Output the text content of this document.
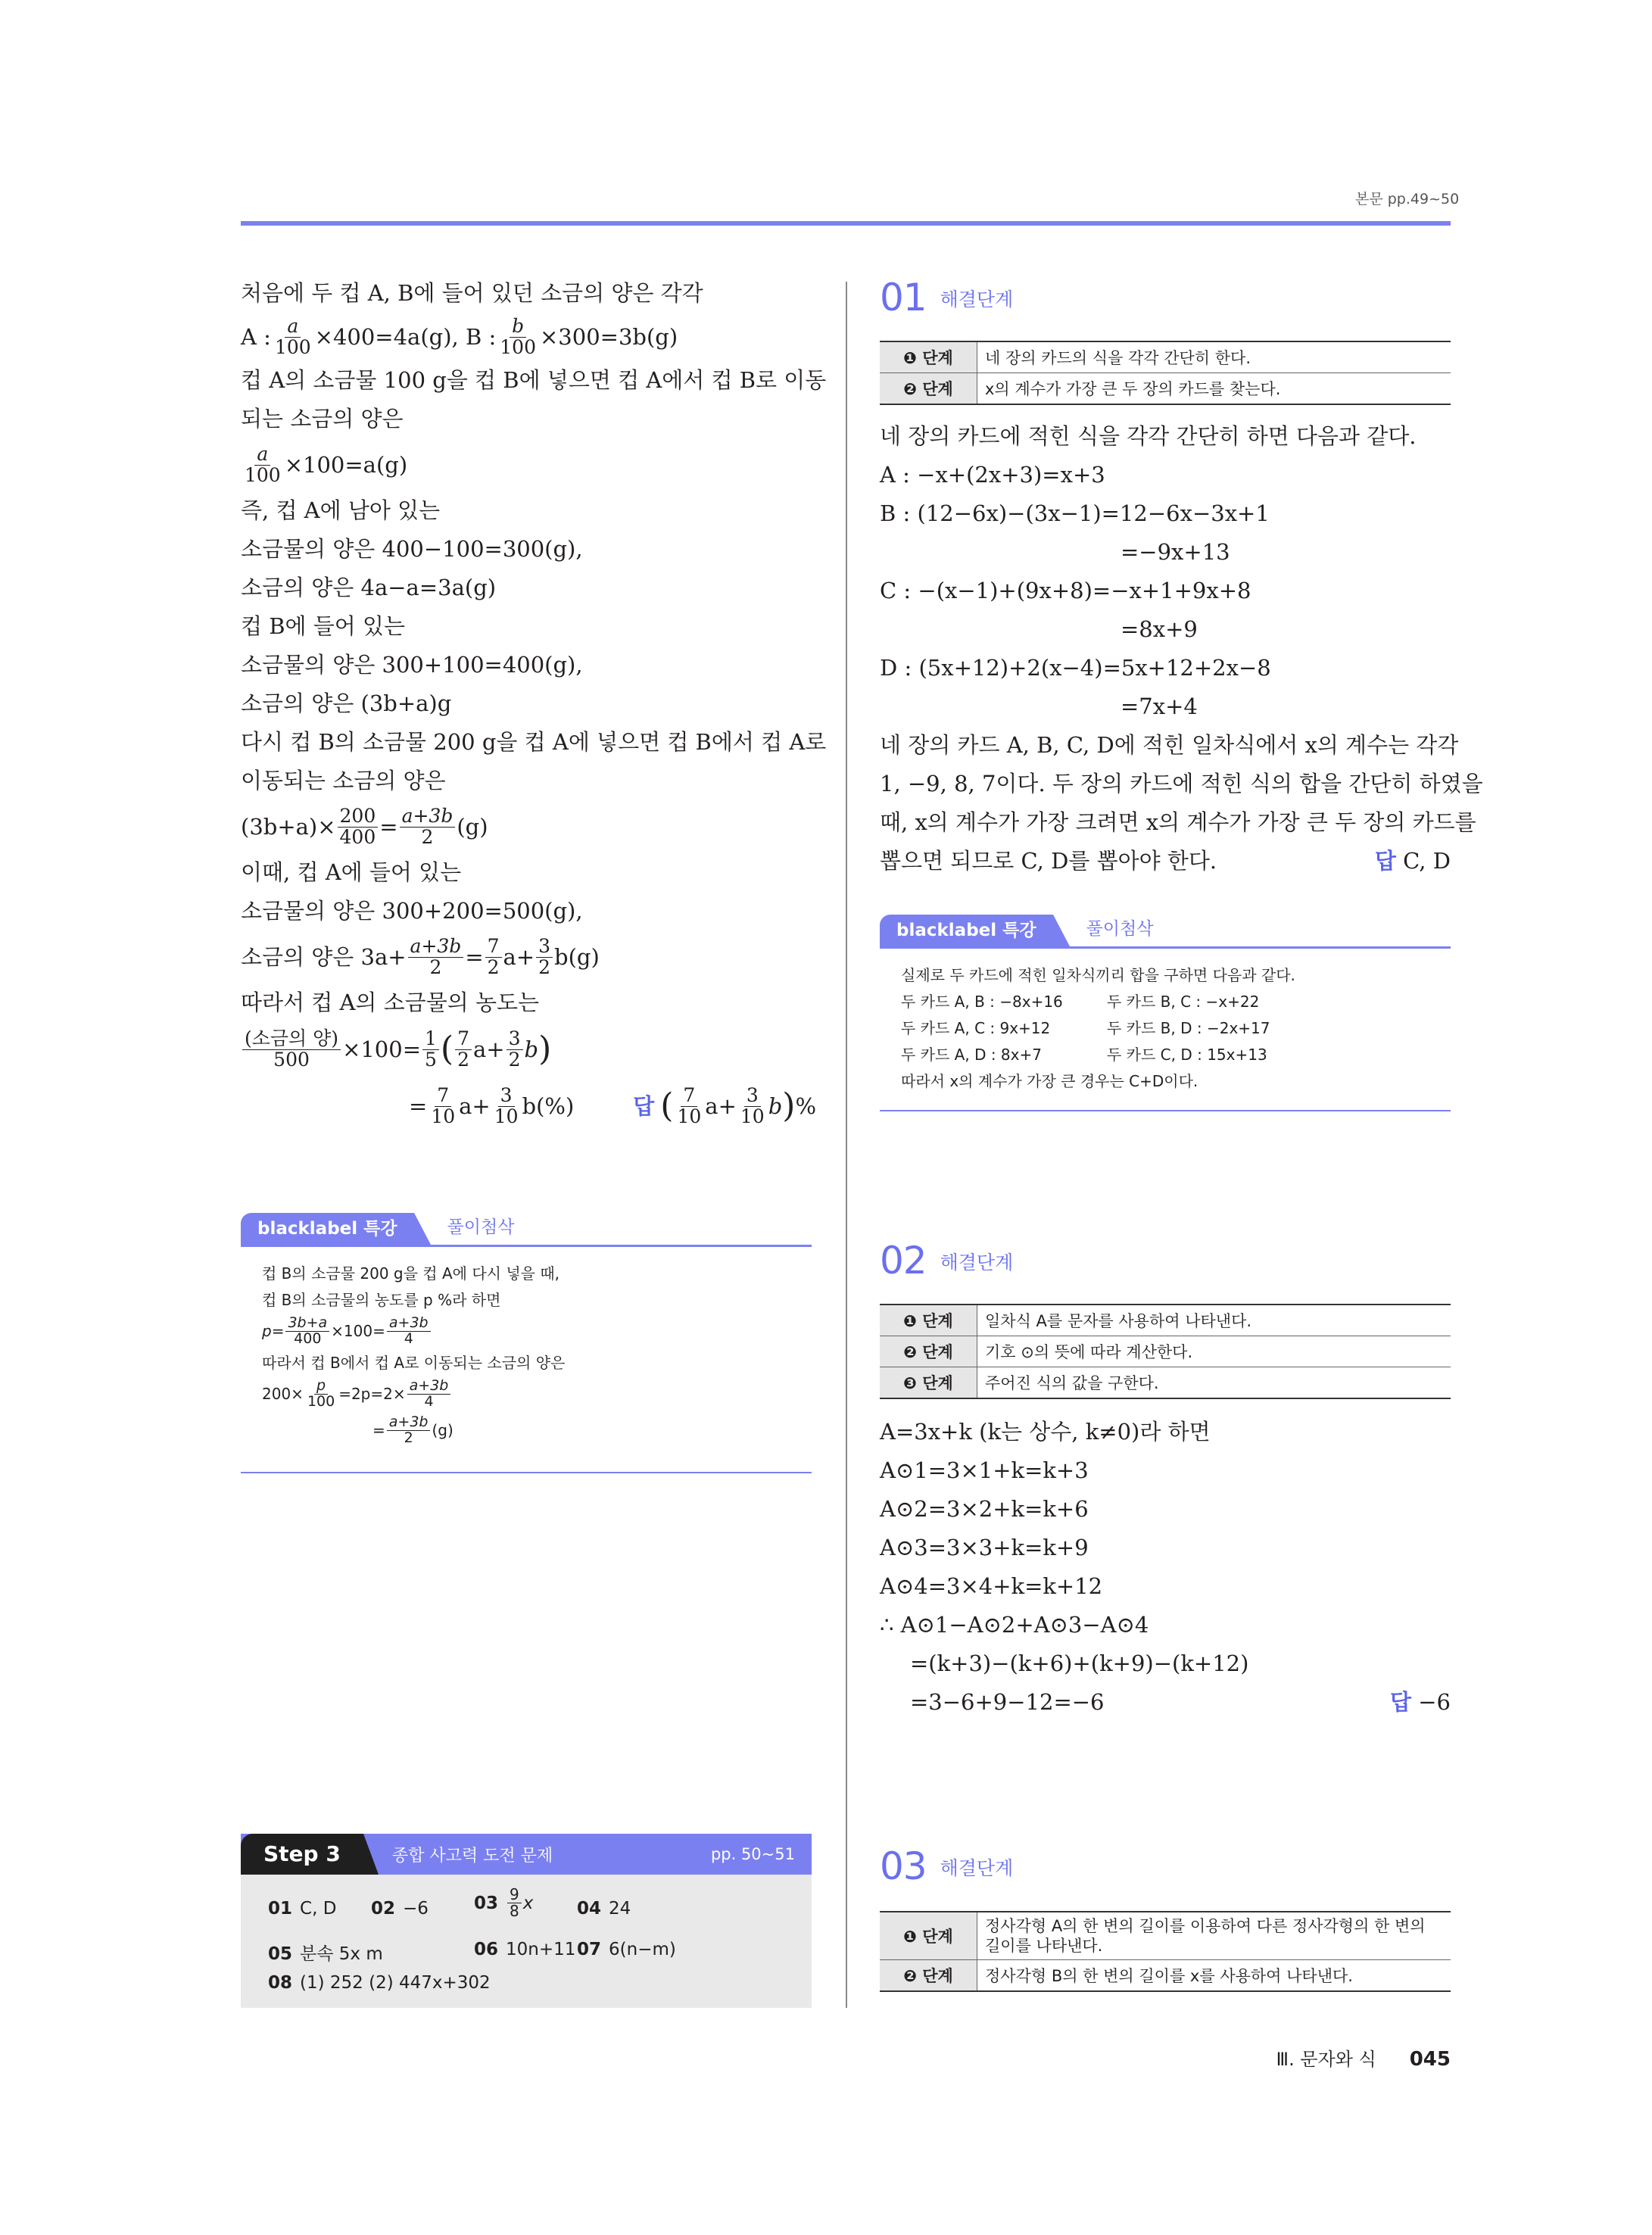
본문 pp.49~50
처음에 두 컵 A, B에 들어 있던 소금의 양은 각각
A : $\frac{a}{100} \times 400=4a(g)$, B : $\frac{b}{100} \times 300=3b(g)$
컵 A의 소금물 100 g을 컵 B에 넣으면 컵 A에서 컵 B로 이동
되는 소금의 양은
$\frac{a}{100} \times 100=a(g)$
즉, 컵 A에 남아 있는
소금물의 양은 400−100=300(g),
소금의 양은 4a−a=3a(g)
컵 B에 들어 있는
소금물의 양은 300+100=400(g),
소금의 양은 (3b+a)g
다시 컵 B의 소금물 200 g을 컵 A에 넣으면 컵 B에서 컵 A로
이동되는 소금의 양은
$(3b+a)\times \frac{200}{400} = \frac{a+3b}{2} (g)$
이때, 컵 A에 들어 있는
소금물의 양은 300+200=500(g),
소금의 양은 $3a+ \frac{a+3b}{2} = \frac{7}{2} a+ \frac{3}{2} b(g)$
따라서 컵 A의 소금물의 농도는
$\frac{\text{(소금의 양)}}{500} \times 100= \frac{1}{5}$ ( $\frac{7}{2} a+ \frac{3}{2}$ b )
= $\frac{7}{10} a+ \frac{3}{10} b(\%)$	답 ( $\frac{7}{10} a+ \frac{3}{10}$ b ) %
blacklabel 특강	풀이첨삭
컵 B의 소금물 200 g을 컵 A에 다시 넣을 때,
컵 B의 소금물의 농도를 p %라 하면
$p= \frac{3b+a}{400} \times 100= \frac{a+3b}{4}$
따라서 컵 B에서 컵 A로 이동되는 소금의 양은
$200\times \frac{p}{100} =2p=2\times \frac{a+3b}{4}$
= $\frac{a+3b}{2} (g)$
Step 3	종합 사고력 도전 문제	pp. 50~51
01 C, D 02 −6	$03 \frac{9}{8}$ x	04 24
05 분속 5x m	06 10n+11 07 6(n−m)
08 (1) 252 (2) 447x+302
01 해결단계
❶ 단계	네 장의 카드의 식을 각각 간단히 한다.
❷ 단계	x의 계수가 가장 큰 두 장의 카드를 찾는다.
네 장의 카드에 적힌 식을 각각 간단히 하면 다음과 같다.
A : −x+(2x+3)=x+3
B : (12−6x)−(3x−1)=12−6x−3x+1
=−9x+13
C : −(x−1)+(9x+8)=−x+1+9x+8
=8x+9
D : (5x+12)+2(x−4)=5x+12+2x−8
=7x+4
네 장의 카드 A, B, C, D에 적힌 일차식에서 x의 계수는 각각
1, −9, 8, 7이다. 두 장의 카드에 적힌 식의 합을 간단히 하였을
때, x의 계수가 가장 크려면 x의 계수가 가장 큰 두 장의 카드를
뽑으면 되므로 C, D를 뽑아야 한다.	답 C, D
blacklabel 특강	풀이첨삭
실제로 두 카드에 적힌 일차식끼리 합을 구하면 다음과 같다.
두 카드 A, B : −8x+16	두 카드 B, C : −x+22
두 카드 A, C : 9x+12	두 카드 B, D : −2x+17
두 카드 A, D : 8x+7	두 카드 C, D : 15x+13
따라서 x의 계수가 가장 큰 경우는 C+D이다.
02 해결단계
❶ 단계	일차식 A를 문자를 사용하여 나타낸다.
❷ 단계	기호 ⊙의 뜻에 따라 계산한다.
❸ 단계	주어진 식의 값을 구한다.
A=3x+k (k는 상수, k≠0)라 하면
A⊙1=3×1+k=k+3
A⊙2=3×2+k=k+6
A⊙3=3×3+k=k+9
A⊙4=3×4+k=k+12
∴ A⊙1−A⊙2+A⊙3−A⊙4
=(k+3)−(k+6)+(k+9)−(k+12)
=3−6+9−12=−6	답 −6
03 해결단계
❶ 단계	정사각형 A의 한 변의 길이를 이용하여 다른 정사각형의 한 변의 길이를 나타낸다.
❷ 단계	정사각형 B의 한 변의 길이를 x를 사용하여 나타낸다.
Ⅲ. 문자와 식 045
